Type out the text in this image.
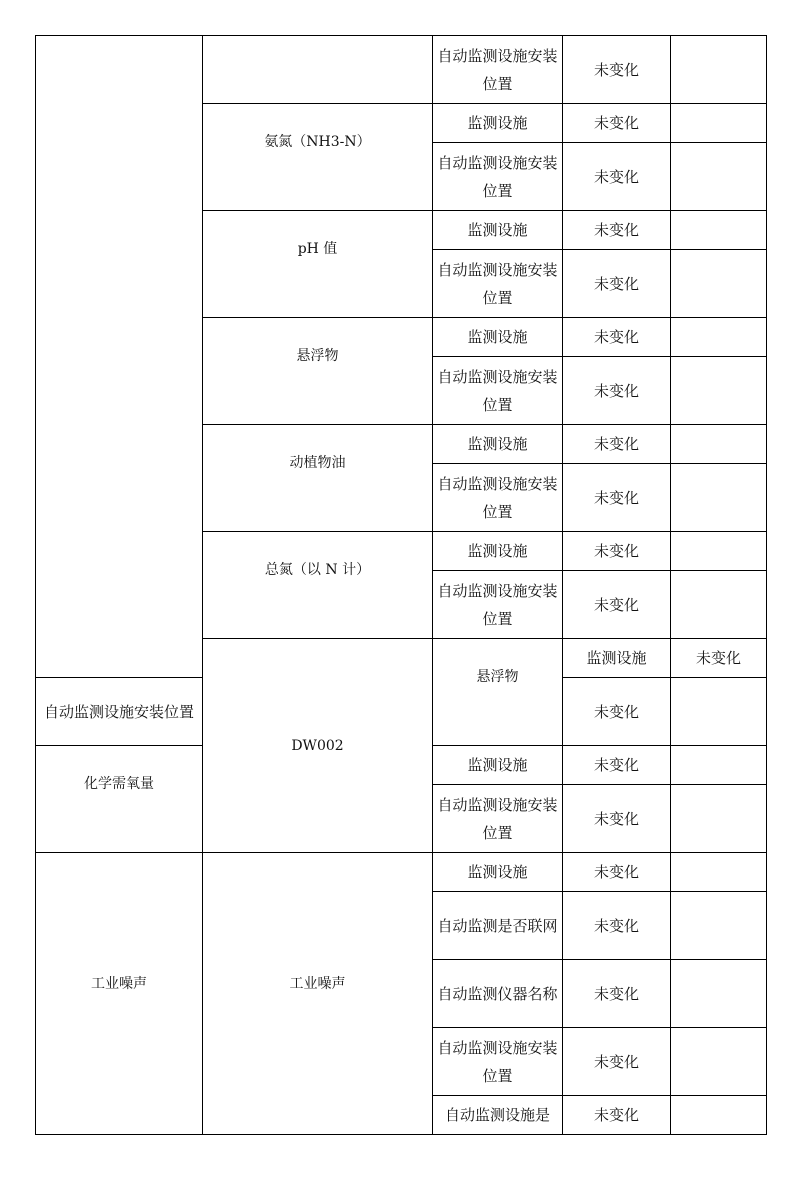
		自动监测设施安装位置	未变化		
	氨氮（NH3-N）	监测设施	未变化		
		自动监测设施安装位置	未变化		
	pH 值	监测设施	未变化		
		自动监测设施安装位置	未变化		
	悬浮物	监测设施	未变化		
		自动监测设施安装位置	未变化		
	动植物油	监测设施	未变化		
		自动监测设施安装位置	未变化		
	总氮（以 N 计）	监测设施	未变化		
		自动监测设施安装位置	未变化		
	DW002	悬浮物	监测设施	未变化	
自动监测设施安装位置			未变化		
化学需氧量		监测设施	未变化		
		自动监测设施安装位置	未变化		
工业噪声	工业噪声	监测设施	未变化		
		自动监测是否联网	未变化		
		自动监测仪器名称	未变化		
		自动监测设施安装位置	未变化		
		自动监测设施是	未变化		
